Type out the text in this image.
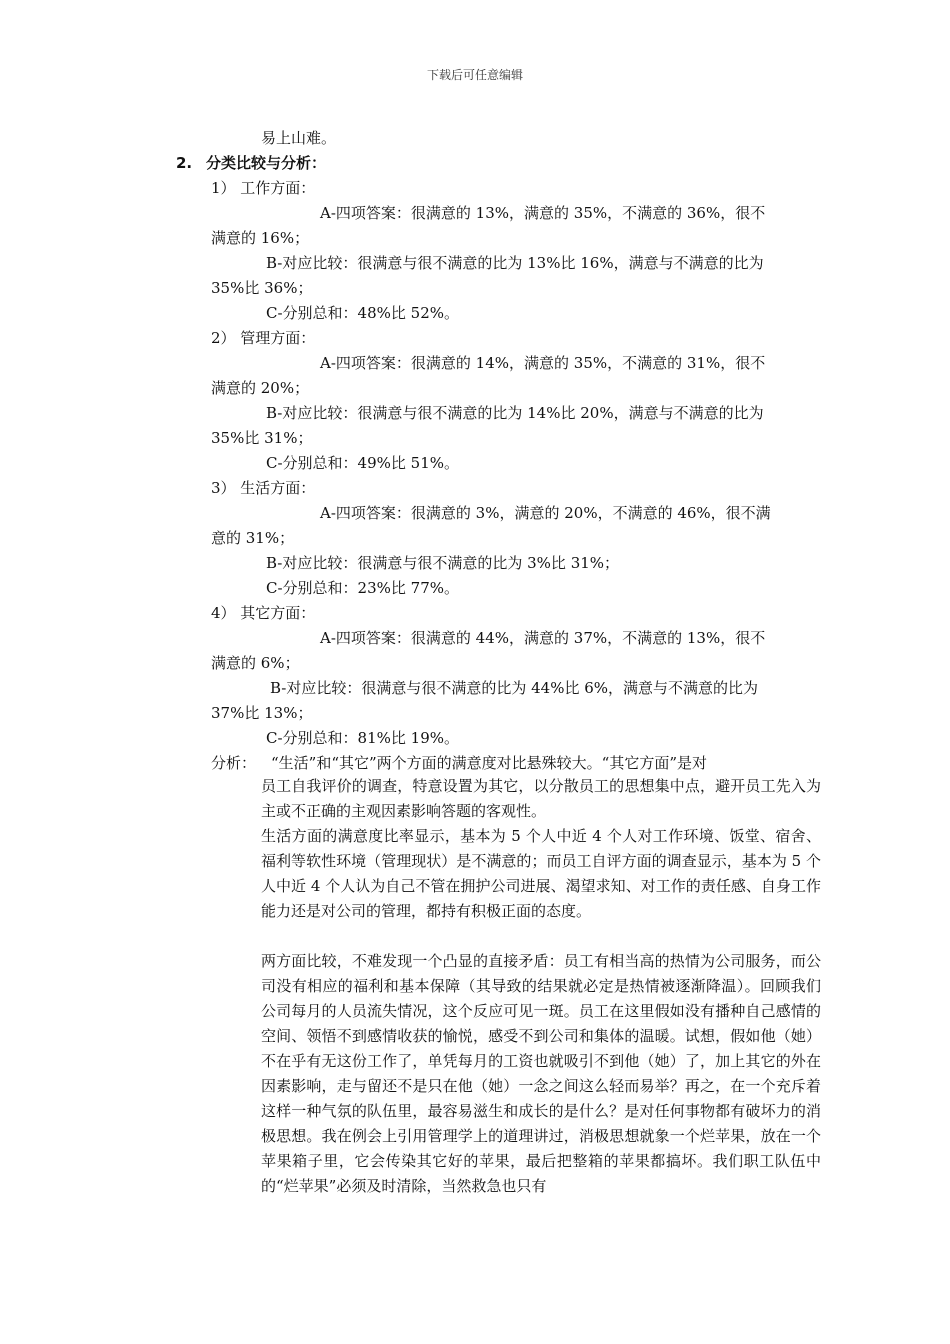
下载后可任意编辑
易上山难。
2. 分类比较与分析：
1） 工作方面：
A-四项答案：很满意的 13%，满意的 35%，不满意的 36%，很不
满意的 16%；
B-对应比较：很满意与很不满意的比为 13%比 16%，满意与不满意的比为
35%比 36%；
C-分别总和：48%比 52%。
2） 管理方面：
A-四项答案：很满意的 14%，满意的 35%，不满意的 31%，很不
满意的 20%；
B-对应比较：很满意与很不满意的比为 14%比 20%，满意与不满意的比为
35%比 31%；
C-分别总和：49%比 51%。
3） 生活方面：
A-四项答案：很满意的 3%，满意的 20%，不满意的 46%，很不满
意的 31%；
B-对应比较：很满意与很不满意的比为 3%比 31%；
C-分别总和：23%比 77%。
4） 其它方面：
A-四项答案：很满意的 44%，满意的 37%，不满意的 13%，很不
满意的 6%；
B-对应比较：很满意与很不满意的比为 44%比 6%，满意与不满意的比为
37%比 13%；
C-分别总和：81%比 19%。
分析： “生活”和“其它”两个方面的满意度对比悬殊较大。“其它方面”是对
员工自我评价的调查，特意设置为其它，以分散员工的思想集中点，避开员工先入为主或不正确的主观因素影响答题的客观性。
生活方面的满意度比率显示，基本为 5 个人中近 4 个人对工作环境、饭堂、宿舍、福利等软性环境（管理现状）是不满意的；而员工自评方面的调查显示，基本为 5 个人中近 4 个人认为自己不管在拥护公司进展、渴望求知、对工作的责任感、自身工作能力还是对公司的管理，都持有积极正面的态度。
两方面比较，不难发现一个凸显的直接矛盾：员工有相当高的热情为公司服务，而公司没有相应的福利和基本保障（其导致的结果就必定是热情被逐渐降温）。回顾我们公司每月的人员流失情况，这个反应可见一斑。员工在这里假如没有播种自己感情的空间、领悟不到感情收获的愉悦，感受不到公司和集体的温暖。试想，假如他（她）不在乎有无这份工作了，单凭每月的工资也就吸引不到他（她）了，加上其它的外在因素影响，走与留还不是只在他（她）一念之间这么轻而易举？再之，在一个充斥着这样一种气氛的队伍里，最容易滋生和成长的是什么？是对任何事物都有破坏力的消极思想。我在例会上引用管理学上的道理讲过，消极思想就象一个烂苹果，放在一个苹果箱子里，它会传染其它好的苹果，最后把整箱的苹果都搞坏。我们职工队伍中的“烂苹果”必须及时清除，当然救急也只有
